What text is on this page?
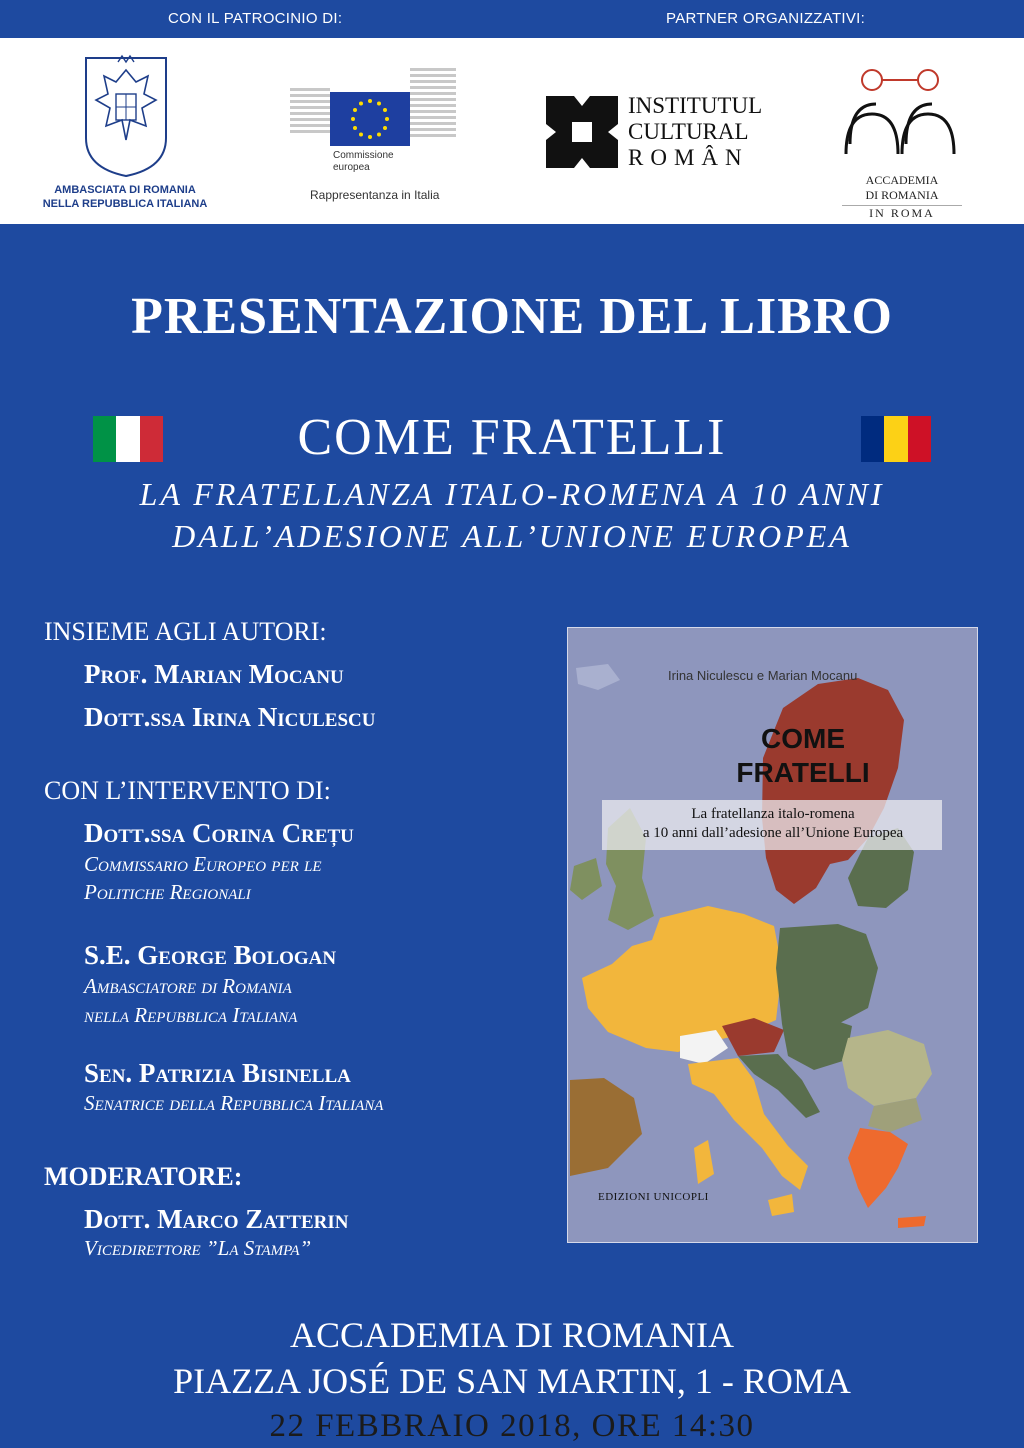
CON IL PATROCINIO DI:	PARTNER ORGANIZZATIVI:
AMBASCIATA DI ROMANIA
NELLA REPUBBLICA ITALIANA
Commissione
europea
Rappresentanza in Italia
INSTITUTUL
CULTURAL
ROMÂN
ACCADEMIA
DI ROMANIA
IN ROMA
PRESENTAZIONE DEL LIBRO
COME FRATELLI
LA FRATELLANZA ITALO-ROMENA A 10 ANNI
DALL’ADESIONE ALL’UNIONE EUROPEA
INSIEME AGLI AUTORI:
Prof. Marian Mocanu
Dott.ssa Irina Niculescu
CON L’INTERVENTO DI:
Dott.ssa Corina Crețu
Commissario Europeo per le
Politiche Regionali
S.E. George Bologan
Ambasciatore di Romania
nella Repubblica Italiana
Sen. Patrizia Bisinella
Senatrice della Repubblica Italiana
MODERATORE:
Dott. Marco Zatterin
Vicedirettore ”La Stampa”
Irina Niculescu e Marian Mocanu
COME
FRATELLI
La fratellanza italo-romena
a 10 anni dall’adesione all’Unione Europea
EDIZIONI UNICOPLI
ACCADEMIA DI ROMANIA
PIAZZA JOSÉ DE SAN MARTIN, 1 - ROMA
22 FEBBRAIO 2018, ORE 14:30
